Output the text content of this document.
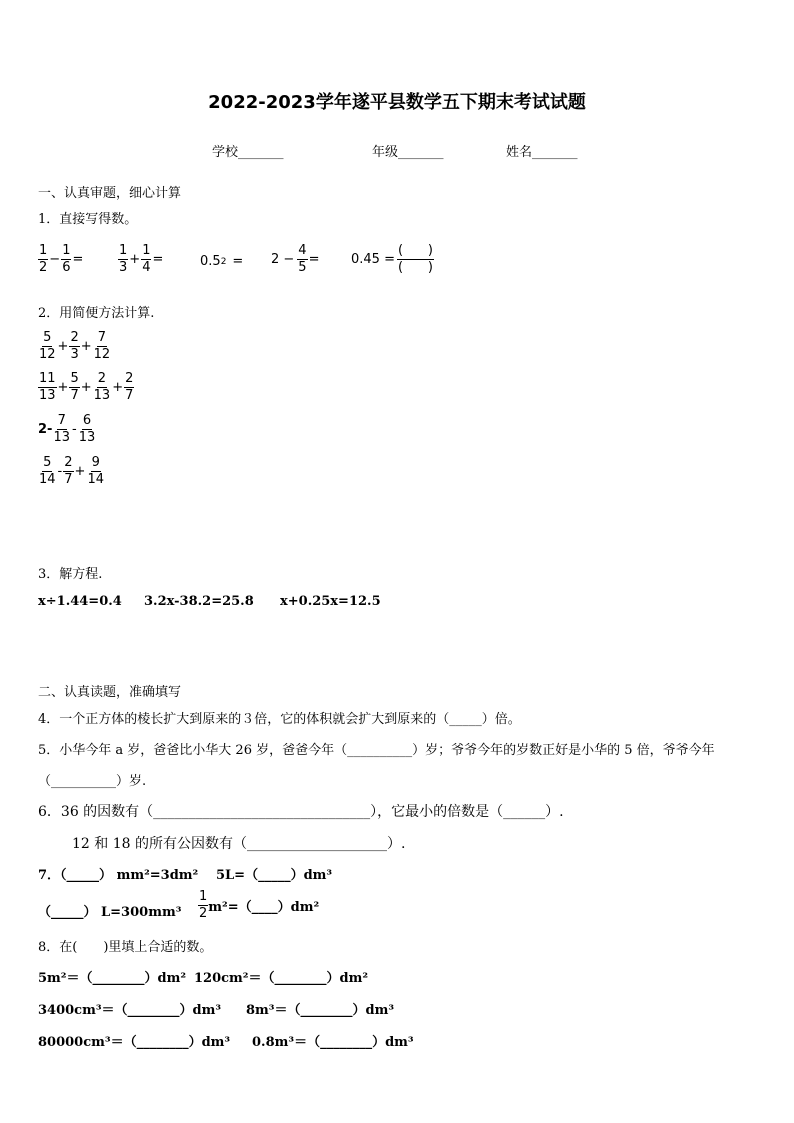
2022-2023学年遂平县数学五下期末考试试题
学校_______	年级_______	姓名_______
一、认真审题，细心计算
1．直接写得数。
$\frac{1}{2} - \frac{1}{6}$ =	$\frac{1}{3} + \frac{1}{4}$ =	0.5 $2 = 2 - \frac{4}{5} = 0.45 = \frac{( )}{( )}$
2．用简便方法计算.
$\frac{5}{12} + \frac{2}{3} + \frac{7}{12}$
$\frac{11}{13} + \frac{5}{7} + \frac{2}{13} + \frac{2}{7}$
$2- \frac{7}{13} - \frac{6}{13}$
$\frac{5}{14} - \frac{2}{7} + \frac{9}{14}$
3．解方程.
x÷1.44=0.4 3.2x-38.2=25.8 x+0.25x=12.5
二、认真读题，准确填写
4．一个正方体的棱长扩大到原来的３倍，它的体积就会扩大到原来的（_____）倍。
5．小华今年 a 岁，爸爸比小华大 26 岁，爸爸今年（__________）岁；爷爷今年的岁数正好是小华的 5 倍，爷爷今年
（__________）岁.
6．36 的因数有（_______________________________），它最小的倍数是（______）.
12 和 18 的所有公因数有（____________________）.
7．（_____） mm²=3dm² 5L=（_____）dm³
（_____） $L=300mm^3 \frac{1}{2}$ m²=（____）dm²
8．在(　　)里填上合适的数。
5m²＝（________）dm² 120cm²＝（________）dm²
3400cm³＝（________）dm³ 8m³＝（________）dm³
80000cm³＝（________）dm³ 0.8m³＝（________）dm³
